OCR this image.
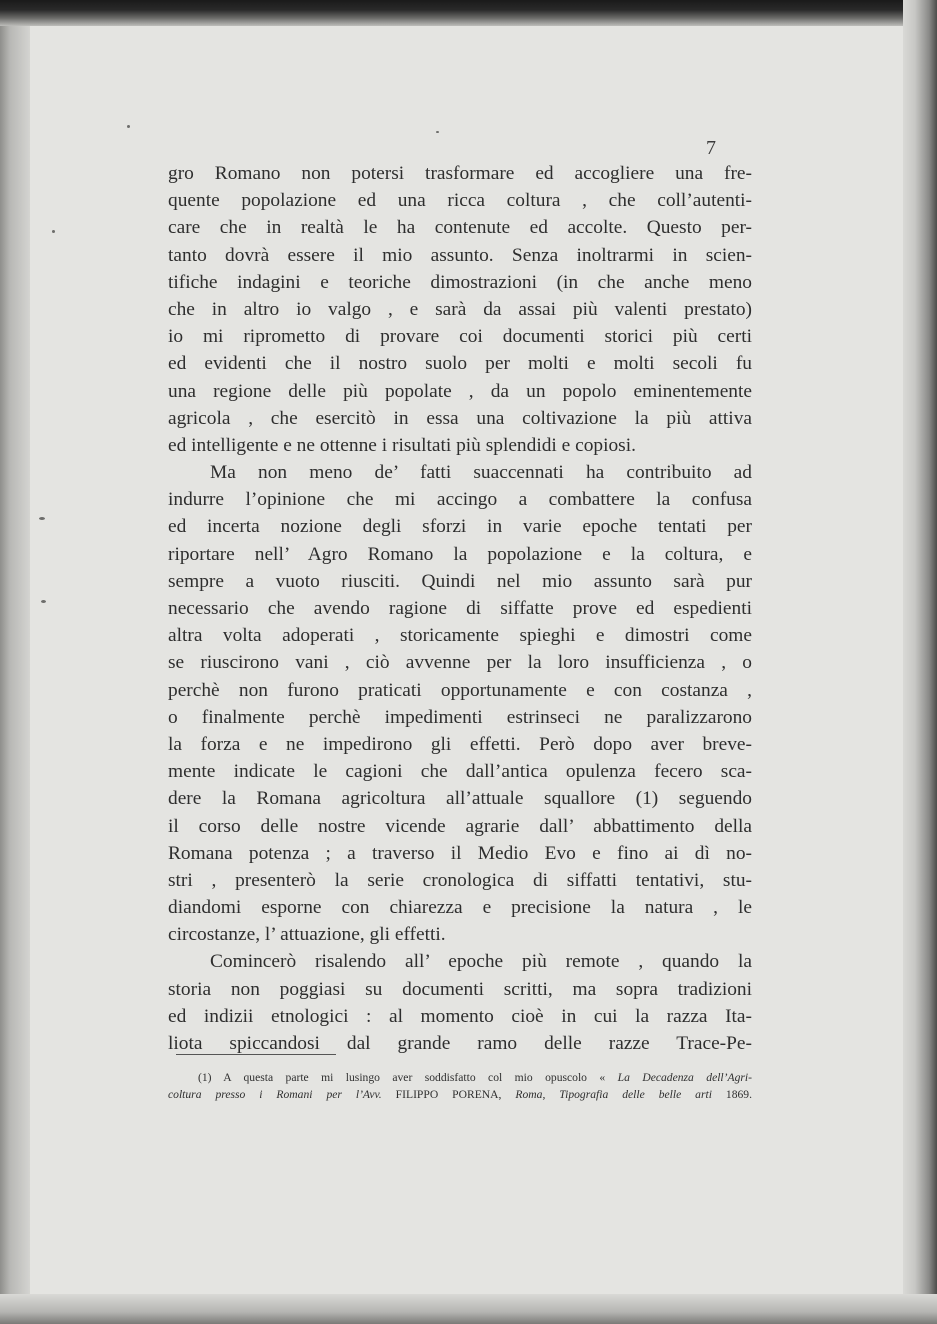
7
gro Romano non potersi trasformare ed accogliere una fre-
quente popolazione ed una ricca coltura , che coll’autenti-
care che in realtà le ha contenute ed accolte. Questo per-
tanto dovrà essere il mio assunto. Senza inoltrarmi in scien-
tifiche indagini e teoriche dimostrazioni (in che anche meno
che in altro io valgo , e sarà da assai più valenti prestato)
io mi riprometto di provare coi documenti storici più certi
ed evidenti che il nostro suolo per molti e molti secoli fu
una regione delle più popolate , da un popolo eminentemente
agricola , che esercitò in essa una coltivazione la più attiva
ed intelligente e ne ottenne i risultati più splendidi e copiosi.
Ma non meno de’ fatti suaccennati ha contribuito ad
indurre l’opinione che mi accingo a combattere la confusa
ed incerta nozione degli sforzi in varie epoche tentati per
riportare nell’ Agro Romano la popolazione e la coltura, e
sempre a vuoto riusciti. Quindi nel mio assunto sarà pur
necessario che avendo ragione di siffatte prove ed espedienti
altra volta adoperati , storicamente spieghi e dimostri come
se riuscirono vani , ciò avvenne per la loro insufficienza , o
perchè non furono praticati opportunamente e con costanza ,
o finalmente perchè impedimenti estrinseci ne paralizzarono
la forza e ne impedirono gli effetti. Però dopo aver breve-
mente indicate le cagioni che dall’antica opulenza fecero sca-
dere la Romana agricoltura all’attuale squallore (1) seguendo
il corso delle nostre vicende agrarie dall’ abbattimento della
Romana potenza ; a traverso il Medio Evo e fino ai dì no-
stri , presenterò la serie cronologica di siffatti tentativi, stu-
diandomi esporne con chiarezza e precisione la natura , le
circostanze, l’ attuazione, gli effetti.
Comincerò risalendo all’ epoche più remote , quando la
storia non poggiasi su documenti scritti, ma sopra tradizioni
ed indizii etnologici : al momento cioè in cui la razza Ita-
liota spiccandosi dal grande ramo delle razze Trace-Pe-
(1) A questa parte mi lusingo aver soddisfatto col mio opuscolo « La Decadenza dell’Agri-
coltura presso i Romani per l’Avv. FILIPPO PORENA, Roma, Tipografia delle belle arti 1869.
